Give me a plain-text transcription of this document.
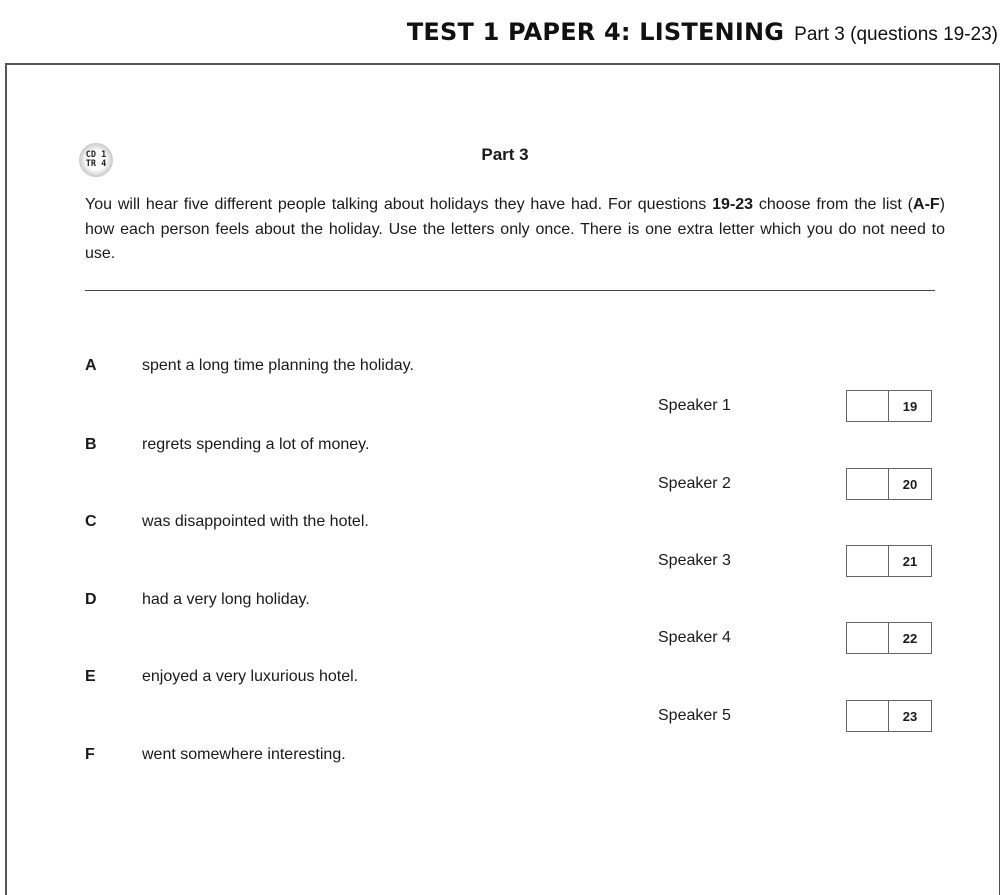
TEST 1 PAPER 4: LISTENING Part 3 (questions 19-23)
CD 1
TR 4	Part 3
You will hear five different people talking about holidays they have had. For questions 19-23 choose from the list (A-F) how each person feels about the holiday. Use the letters only once. There is one extra letter which you do not need to use.
A	spent a long time planning the holiday.
B	regrets spending a lot of money.
C	was disappointed with the hotel.
D	had a very long holiday.
E	enjoyed a very luxurious hotel.
F	went somewhere interesting.
Speaker 1	19
Speaker 2	20
Speaker 3	21
Speaker 4	22
Speaker 5	23
